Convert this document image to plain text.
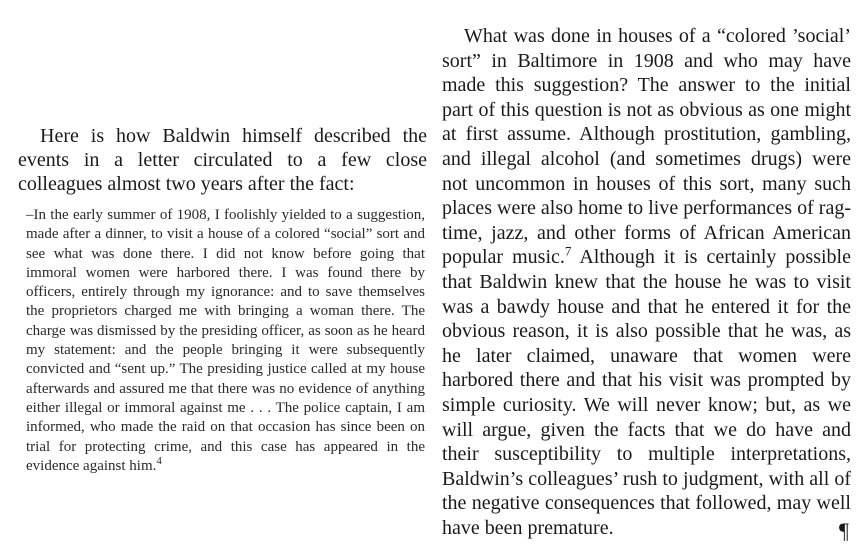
Here is how Baldwin himself described the events in a letter circulated to a few close colleagues almost two years after the fact:

–In the early summer of 1908, I foolishly yielded to a suggestion, made after a dinner, to visit a house of a colored “social” sort and see what was done there. I did not know before going that immoral women were harbored there. I was found there by officers, entirely through my ignorance: and to save themselves the proprietors charged me with bringing a woman there. The charge was dismissed by the presiding officer, as soon as he heard my statement: and the people bringing it were subsequently convicted and “sent up.” The presiding justice called at my house afterwards and assured me that there was no evidence of anything either illegal or immoral against me . . . The police captain, I am informed, who made the raid on that occasion has since been on trial for protecting crime, and this case has appeared in the evidence against him.$^4$

What was done in houses of a “colored ’social’ sort” in Baltimore in 1908 and who may have made this suggestion? The answer to the initial part of this question is not as obvious as one might at first assume. Although prostitution, gambling, and illegal alcohol (and sometimes drugs) were not uncommon in houses of this sort, many such places were also home to live performances of rag-time, jazz, and other forms of African American popular music.$^7$ Although it is certainly possible that Baldwin knew that the house he was to visit was a bawdy house and that he entered it for the obvious reason, it is also possible that he was, as he later claimed, unaware that women were harbored there and that his visit was prompted by simple curiosity. We will never know; but, as we will argue, given the facts that we do have and their susceptibility to multiple interpretations, Baldwin’s colleagues’ rush to judgment, with all of the negative consequences that followed, may well have been premature.	¶
